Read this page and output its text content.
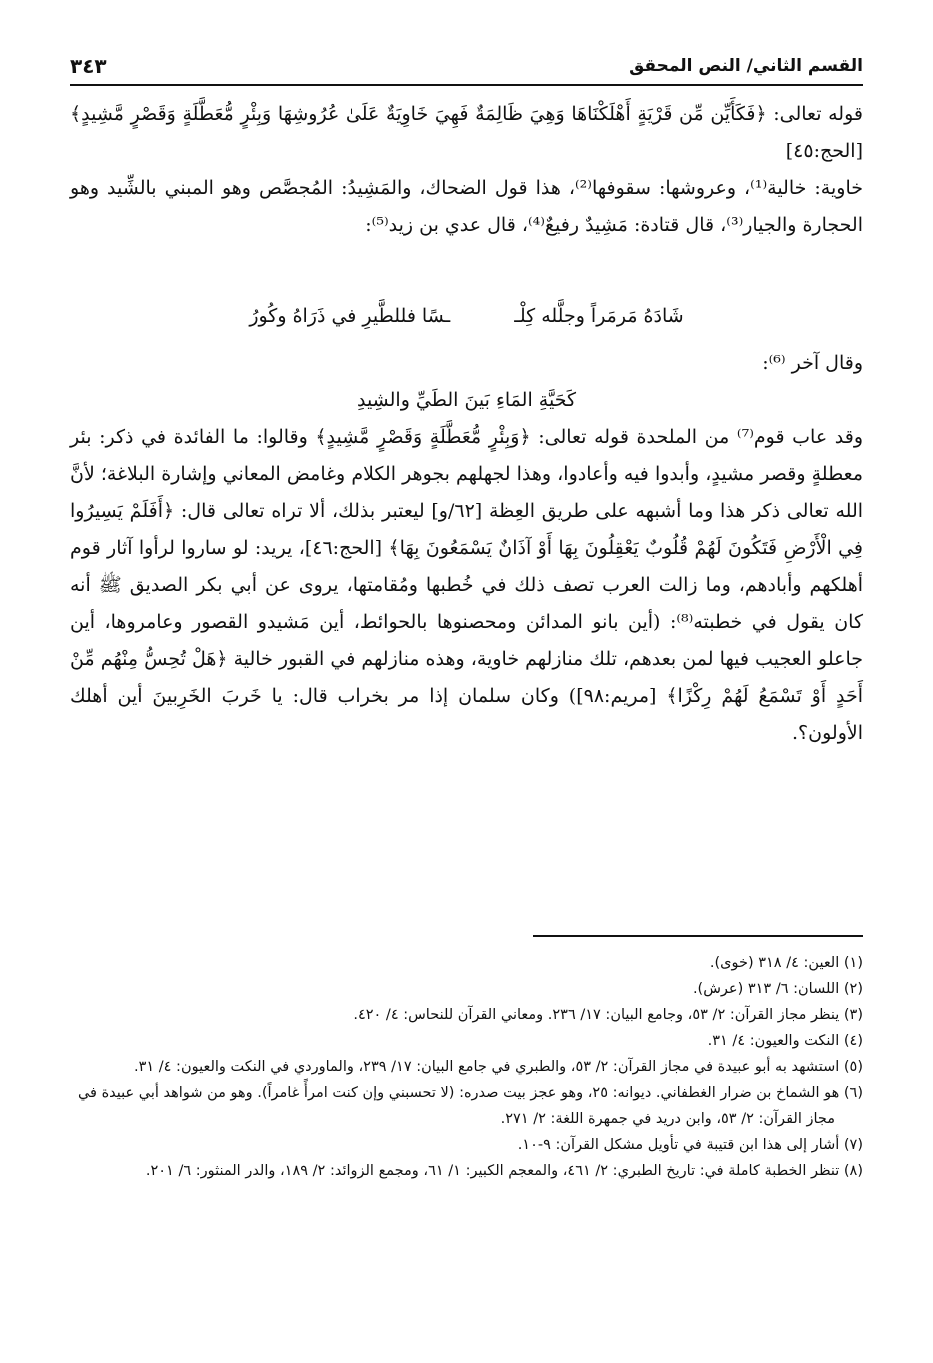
القسم الثاني/ النص المحقق
٣٤٣

قوله تعالى: ﴿فَكَأَيِّن مِّن قَرْيَةٍ أَهْلَكْنَاهَا وَهِيَ ظَالِمَةٌ فَهِيَ خَاوِيَةٌ عَلَىٰ عُرُوشِهَا وَبِئْرٍ مُّعَطَّلَةٍ وَقَصْرٍ مَّشِيدٍ﴾ [الحج:٤٥]

خاوية: خالية⁽¹⁾، وعروشها: سقوفها⁽²⁾، هذا قول الضحاك، والمَشِيدُ: المُجصَّص وهو المبني بالشِّيد وهو الحجارة والجيار⁽³⁾، قال قتادة: مَشِيدٌ رفيعٌ⁽⁴⁾، قال عدي بن زيد⁽⁵⁾:

شَادَهُ مَرمَراً وجلَّله كِلْـ
ـسًا فللطَّيرِ في ذَرَاهُ وكُورُ

وقال آخر ⁽⁶⁾:

كَحَيَّةِ المَاءِ بَينَ الطَيِّ والشِيدِ

وقد عاب قوم⁽⁷⁾ من الملحدة قوله تعالى: ﴿وَبِئْرٍ مُّعَطَّلَةٍ وَقَصْرٍ مَّشِيدٍ﴾ وقالوا: ما الفائدة في ذكر: بئر معطلةٍ وقصر مشيدٍ، وأبدوا فيه وأعادوا، وهذا لجهلهم بجوهر الكلام وغامض المعاني وإشارة البلاغة؛ لأنَّ الله تعالى ذكر هذا وما أشبهه على طريق العِظة [٦٢/و] ليعتبر بذلك، ألا تراه تعالى قال: ﴿أَفَلَمْ يَسِيرُوا فِي الْأَرْضِ فَتَكُونَ لَهُمْ قُلُوبٌ يَعْقِلُونَ بِهَا أَوْ آذَانٌ يَسْمَعُونَ بِهَا﴾ [الحج:٤٦]، يريد: لو ساروا لرأوا آثار قوم أهلكهم وأبادهم، وما زالت العرب تصف ذلك في خُطبها ومُقامتها، يروى عن أبي بكر الصديق ﷺ أنه كان يقول في خطبته⁽⁸⁾: (أين بانو المدائن ومحصنوها بالحوائط، أين مَشيدو القصور وعامروها، أين جاعلو العجيب فيها لمن بعدهم، تلك منازلهم خاوية، وهذه منازلهم في القبور خالية ﴿هَلْ تُحِسُّ مِنْهُم مِّنْ أَحَدٍ أَوْ تَسْمَعُ لَهُمْ رِكْزًا﴾ [مريم:٩٨]) وكان سلمان إذا مر بخراب قال: يا خَربَ الخَرِبينَ أين أهلك الأولون؟.

(١) العين: ٤/ ٣١٨ (خوى).

(٢) اللسان: ٦/ ٣١٣ (عرش).

(٣) ينظر مجاز القرآن: ٢/ ٥٣، وجامع البيان: ١٧/ ٢٣٦. ومعاني القرآن للنحاس: ٤/ ٤٢٠.

(٤) النكت والعيون: ٤/ ٣١.

(٥) استشهد به أبو عبيدة في مجاز القرآن: ٢/ ٥٣، والطبري في جامع البيان: ١٧/ ٢٣٩، والماوردي في النكت والعيون: ٤/ ٣١.

(٦) هو الشماخ بن ضرار الغطفاني. ديوانه: ٢٥، وهو عجز بيت صدره: (لا تحسبني وإن كنت امرأً غامراً). وهو من شواهد أبي عبيدة في مجاز القرآن: ٢/ ٥٣، وابن دريد في جمهرة اللغة: ٢/ ٢٧١.

(٧) أشار إلى هذا ابن قتيبة في تأويل مشكل القرآن: ٩-١٠.

(٨) تنظر الخطبة كاملة في: تاريخ الطبري: ٢/ ٤٦١، والمعجم الكبير: ١/ ٦١، ومجمع الزوائد: ٢/ ١٨٩، والدر المنثور: ٦/ ٢٠١.
